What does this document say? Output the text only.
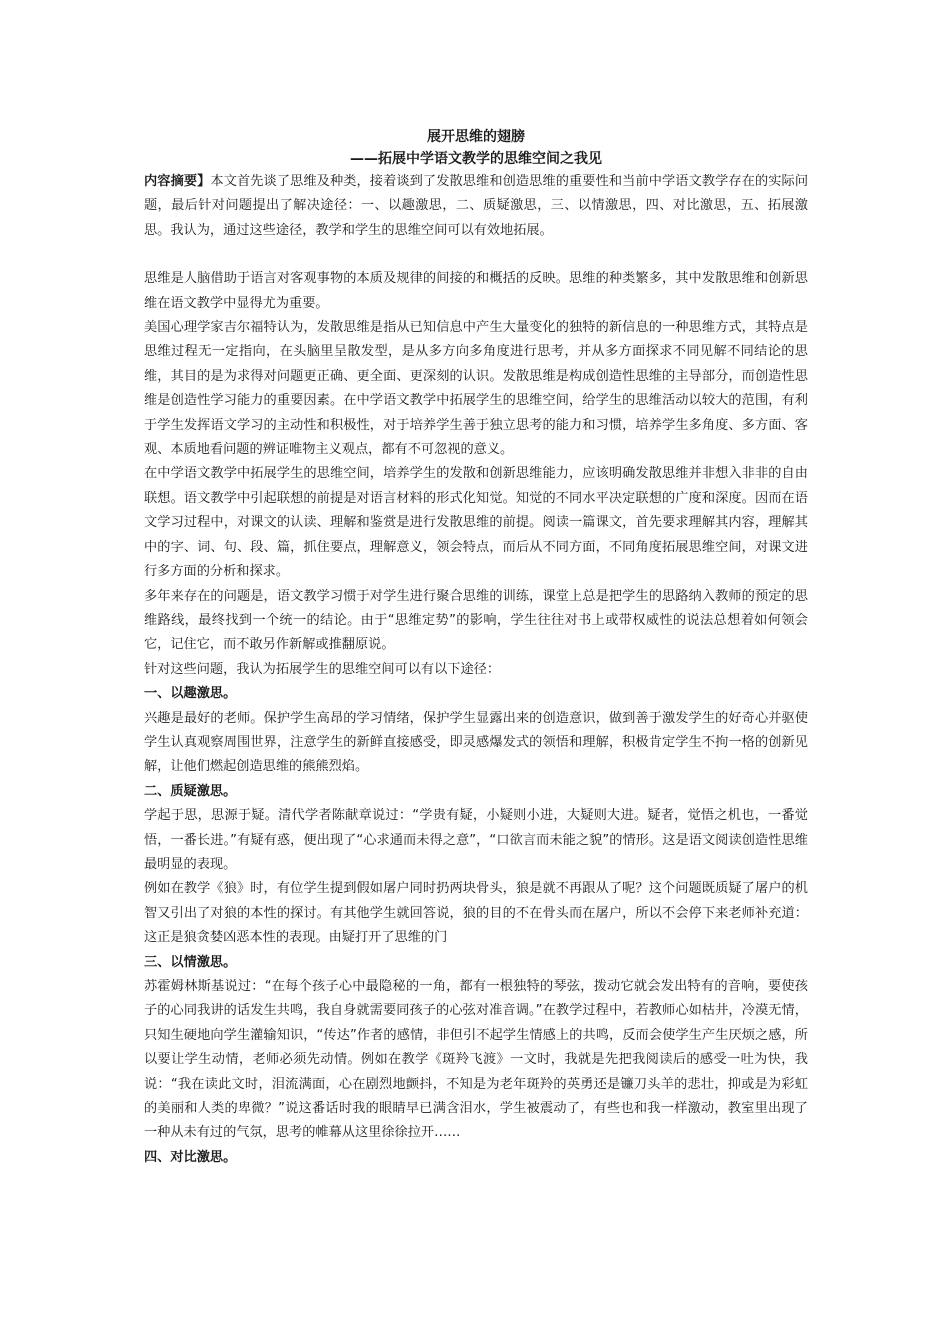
展开思维的翅膀
——拓展中学语文教学的思维空间之我见

内容摘要】本文首先谈了思维及种类，接着谈到了发散思维和创造思维的重要性和当前中学语文教学存在的实际问题，最后针对问题提出了解决途径：一、以趣激思，二、质疑激思，三、以情激思，四、对比激思，五、拓展激思。我认为，通过这些途径，教学和学生的思维空间可以有效地拓展。

思维是人脑借助于语言对客观事物的本质及规律的间接的和概括的反映。思维的种类繁多，其中发散思维和创新思维在语文教学中显得尤为重要。

美国心理学家吉尔福特认为，发散思维是指从已知信息中产生大量变化的独特的新信息的一种思维方式，其特点是思维过程无一定指向，在头脑里呈散发型，是从多方向多角度进行思考，并从多方面探求不同见解不同结论的思维，其目的是为求得对问题更正确、更全面、更深刻的认识。发散思维是构成创造性思维的主导部分，而创造性思维是创造性学习能力的重要因素。在中学语文教学中拓展学生的思维空间，给学生的思维活动以较大的范围，有利于学生发挥语文学习的主动性和积极性，对于培养学生善于独立思考的能力和习惯，培养学生多角度、多方面、客观、本质地看问题的辨证唯物主义观点，都有不可忽视的意义。

在中学语文教学中拓展学生的思维空间，培养学生的发散和创新思维能力，应该明确发散思维并非想入非非的自由联想。语文教学中引起联想的前提是对语言材料的形式化知觉。知觉的不同水平决定联想的广度和深度。因而在语文学习过程中，对课文的认读、理解和鉴赏是进行发散思维的前提。阅读一篇课文，首先要求理解其内容，理解其中的字、词、句、段、篇，抓住要点，理解意义，领会特点，而后从不同方面，不同角度拓展思维空间，对课文进行多方面的分析和探求。

多年来存在的问题是，语文教学习惯于对学生进行聚合思维的训练，课堂上总是把学生的思路纳入教师的预定的思维路线，最终找到一个统一的结论。由于“思维定势”的影响，学生往往对书上或带权威性的说法总想着如何领会它，记住它，而不敢另作新解或推翻原说。

针对这些问题，我认为拓展学生的思维空间可以有以下途径：

一、以趣激思。

兴趣是最好的老师。保护学生高昂的学习情绪，保护学生显露出来的创造意识，做到善于激发学生的好奇心并驱使学生认真观察周围世界，注意学生的新鲜直接感受，即灵感爆发式的领悟和理解，积极肯定学生不拘一格的创新见解，让他们燃起创造思维的熊熊烈焰。

二、质疑激思。

学起于思，思源于疑。清代学者陈献章说过：“学贵有疑，小疑则小进，大疑则大进。疑者，觉悟之机也，一番觉悟，一番长进。”有疑有惑，便出现了“心求通而未得之意”，“口欲言而未能之貌”的情形。这是语文阅读创造性思维最明显的表现。

例如在教学《狼》时，有位学生提到假如屠户同时扔两块骨头，狼是就不再跟从了呢？这个问题既质疑了屠户的机智又引出了对狼的本性的探讨。有其他学生就回答说，狼的目的不在骨头而在屠户，所以不会停下来老师补充道：这正是狼贪婪凶恶本性的表现。由疑打开了思维的门

三、以情激思。

苏霍姆林斯基说过：“在每个孩子心中最隐秘的一角，都有一根独特的琴弦，拨动它就会发出特有的音响，要使孩子的心同我讲的话发生共鸣，我自身就需要同孩子的心弦对准音调。”在教学过程中，若教师心如枯井，冷漠无情，只知生硬地向学生灌输知识，“传达”作者的感情，非但引不起学生情感上的共鸣，反而会使学生产生厌烦之感，所以要让学生动情，老师必须先动情。例如在教学《斑羚飞渡》一文时，我就是先把我阅读后的感受一吐为快，我说：“我在读此文时，泪流满面，心在剧烈地颤抖，不知是为老年斑羚的英勇还是镰刀头羊的悲壮，抑或是为彩虹的美丽和人类的卑微？”说这番话时我的眼睛早已满含泪水，学生被震动了，有些也和我一样激动，教室里出现了一种从未有过的气氛，思考的帷幕从这里徐徐拉开……

四、对比激思。
